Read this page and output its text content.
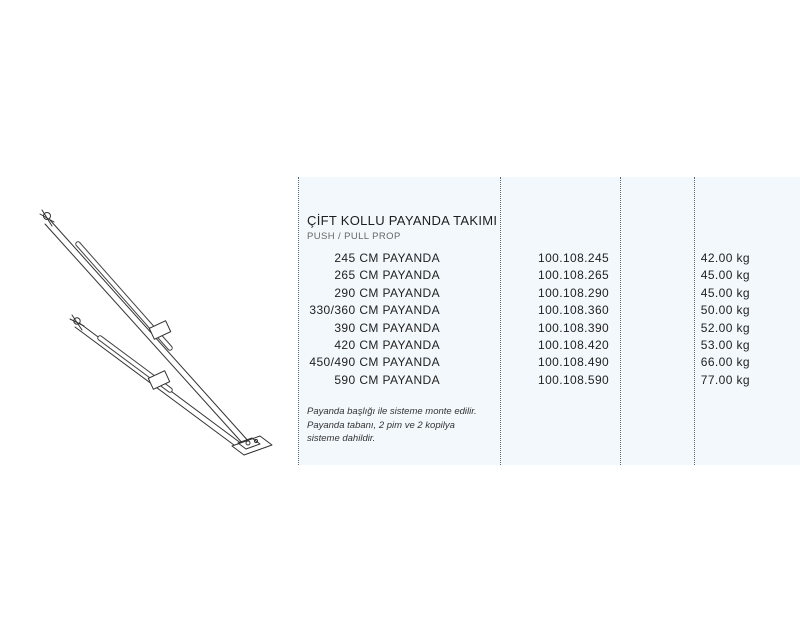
ÇİFT KOLLU PAYANDA TAKIMI
PUSH / PULL PROP
245 CM PAYANDA	100.108.245	42.00 kg
265 CM PAYANDA	100.108.265	45.00 kg
290 CM PAYANDA	100.108.290	45.00 kg
330/360 CM PAYANDA	100.108.360	50.00 kg
390 CM PAYANDA	100.108.390	52.00 kg
420 CM PAYANDA	100.108.420	53.00 kg
450/490 CM PAYANDA	100.108.490	66.00 kg
590 CM PAYANDA	100.108.590	77.00 kg
Payanda başlığı ile sisteme monte edilir.
Payanda tabanı, 2 pim ve 2 kopilya
sisteme dahildir.
